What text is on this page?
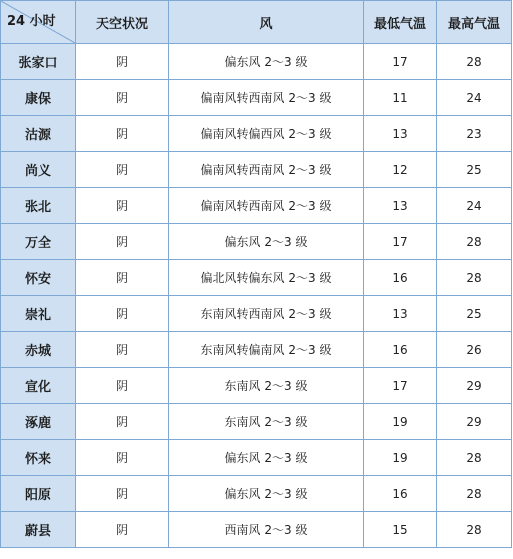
24 小时	天空状况	风	最低气温	最高气温
张家口	阴	偏东风 2～3 级	17	28
康保	阴	偏南风转西南风 2～3 级	11	24
沽源	阴	偏南风转偏西风 2～3 级	13	23
尚义	阴	偏南风转西南风 2～3 级	12	25
张北	阴	偏南风转西南风 2～3 级	13	24
万全	阴	偏东风 2～3 级	17	28
怀安	阴	偏北风转偏东风 2～3 级	16	28
崇礼	阴	东南风转西南风 2～3 级	13	25
赤城	阴	东南风转偏南风 2～3 级	16	26
宣化	阴	东南风 2～3 级	17	29
涿鹿	阴	东南风 2～3 级	19	29
怀来	阴	偏东风 2～3 级	19	28
阳原	阴	偏东风 2～3 级	16	28
蔚县	阴	西南风 2～3 级	15	28
